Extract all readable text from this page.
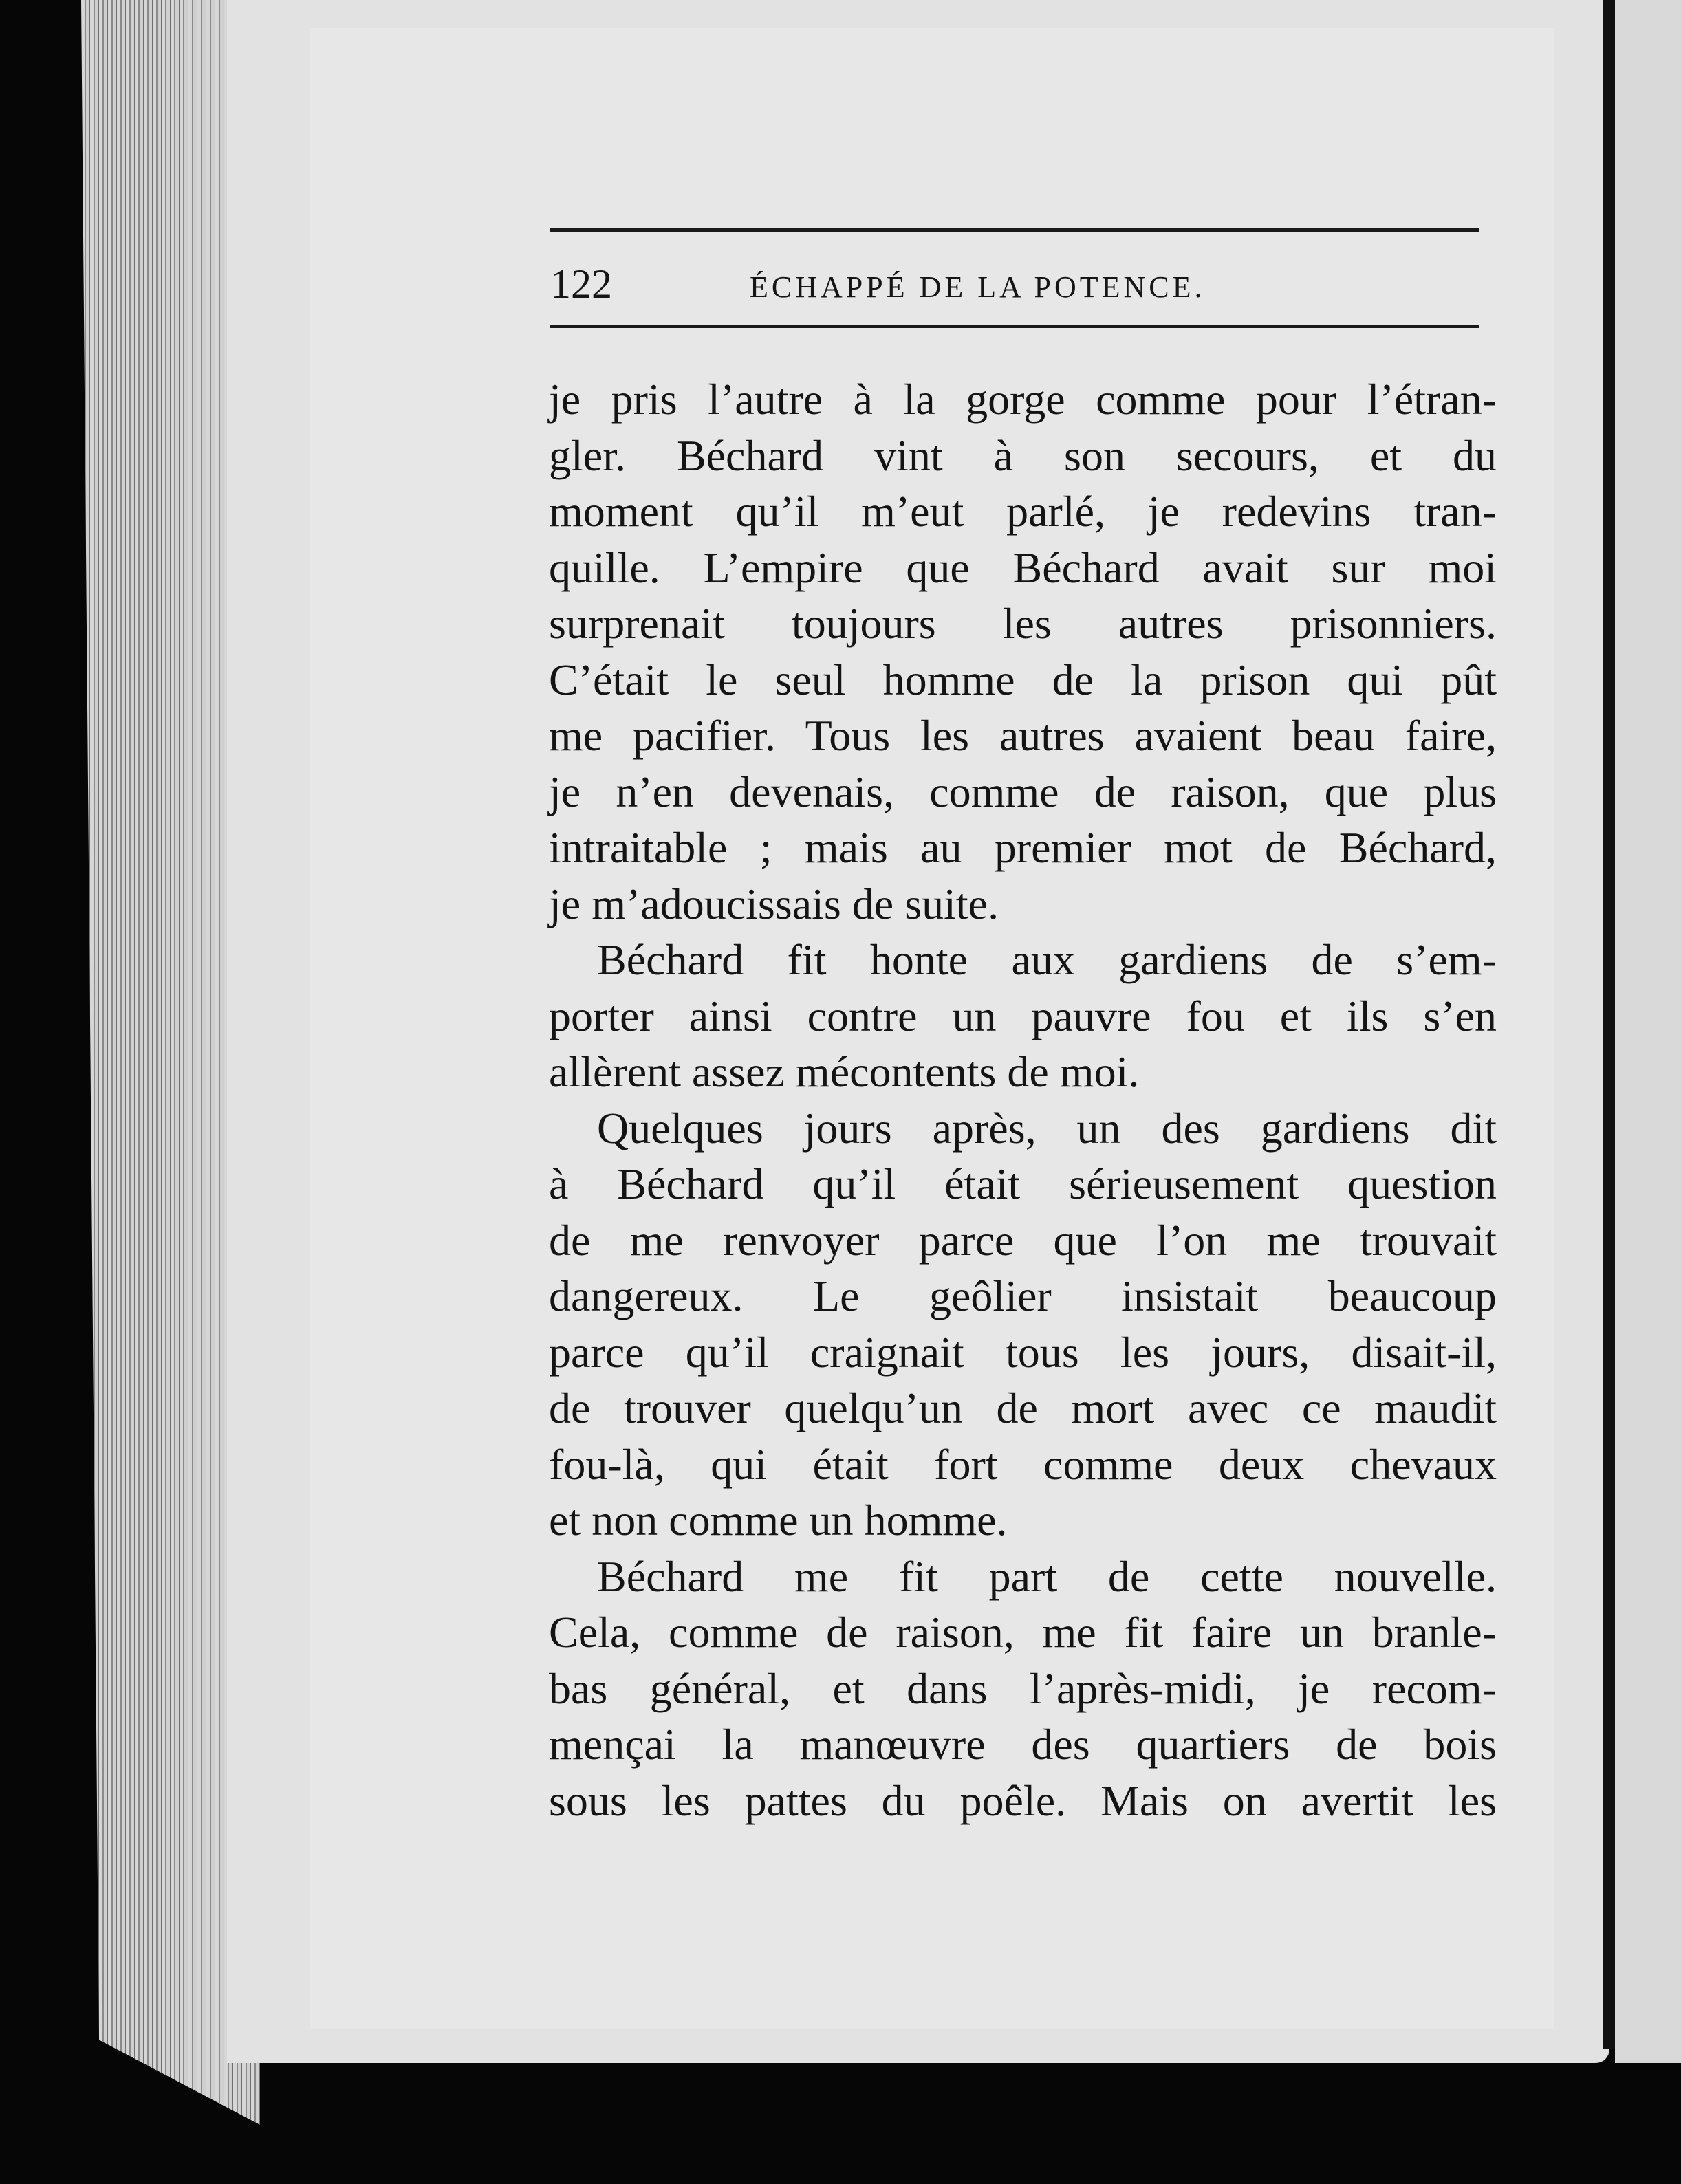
122	ÉCHAPPÉ DE LA POTENCE.
je pris l’autre à la gorge comme pour l’étran-
gler. Béchard vint à son secours, et du
moment qu’il m’eut parlé, je redevins tran-
quille. L’empire que Béchard avait sur moi
surprenait toujours les autres prisonniers.
C’était le seul homme de la prison qui pût
me pacifier. Tous les autres avaient beau faire,
je n’en devenais, comme de raison, que plus
intraitable ; mais au premier mot de Béchard,
je m’adoucissais de suite.
Béchard fit honte aux gardiens de s’em-
porter ainsi contre un pauvre fou et ils s’en
allèrent assez mécontents de moi.
Quelques jours après, un des gardiens dit
à Béchard qu’il était sérieusement question
de me renvoyer parce que l’on me trouvait
dangereux. Le geôlier insistait beaucoup
parce qu’il craignait tous les jours, disait-il,
de trouver quelqu’un de mort avec ce maudit
fou-là, qui était fort comme deux chevaux
et non comme un homme.
Béchard me fit part de cette nouvelle.
Cela, comme de raison, me fit faire un branle-
bas général, et dans l’après-midi, je recom-
mençai la manœuvre des quartiers de bois
sous les pattes du poêle. Mais on avertit les
